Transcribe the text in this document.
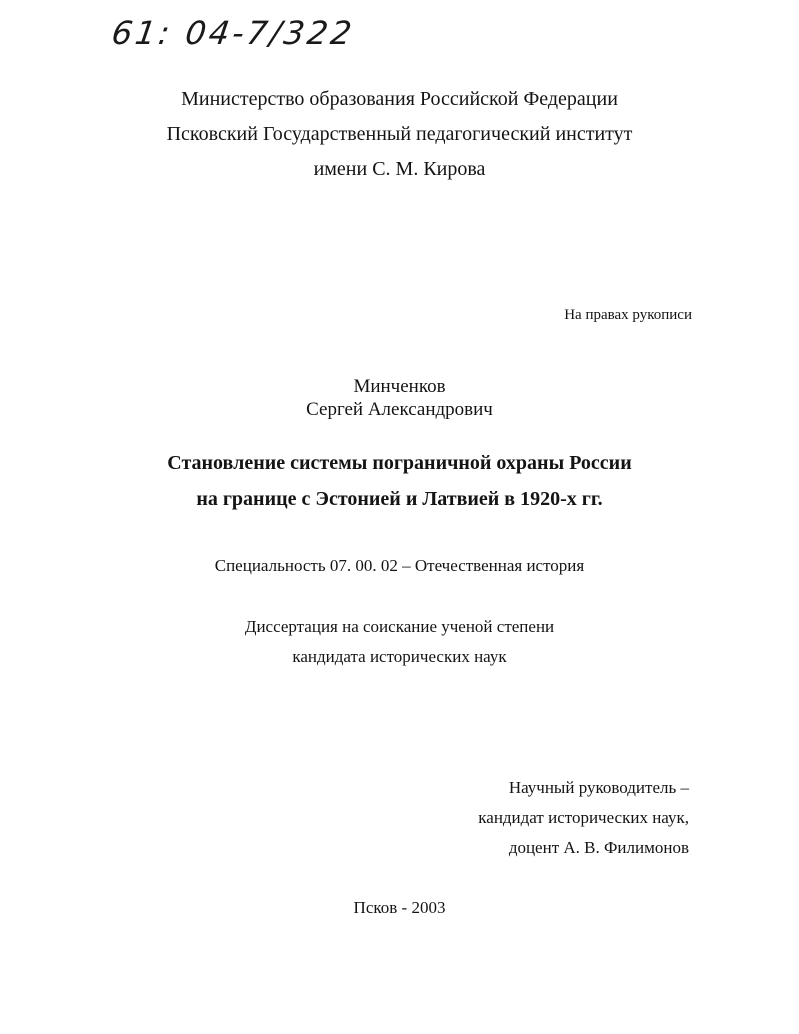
61: 04-7/322
Министерство образования Российской Федерации
Псковский Государственный педагогический институт
имени С. М. Кирова
На правах рукописи
Минченков
Сергей Александрович
Становление системы пограничной охраны России
на границе с Эстонией и Латвией в 1920-х гг.
Специальность 07. 00. 02 – Отечественная история
Диссертация на соискание ученой степени
кандидата исторических наук
Научный руководитель –
кандидат исторических наук,
доцент А. В. Филимонов
Псков - 2003
